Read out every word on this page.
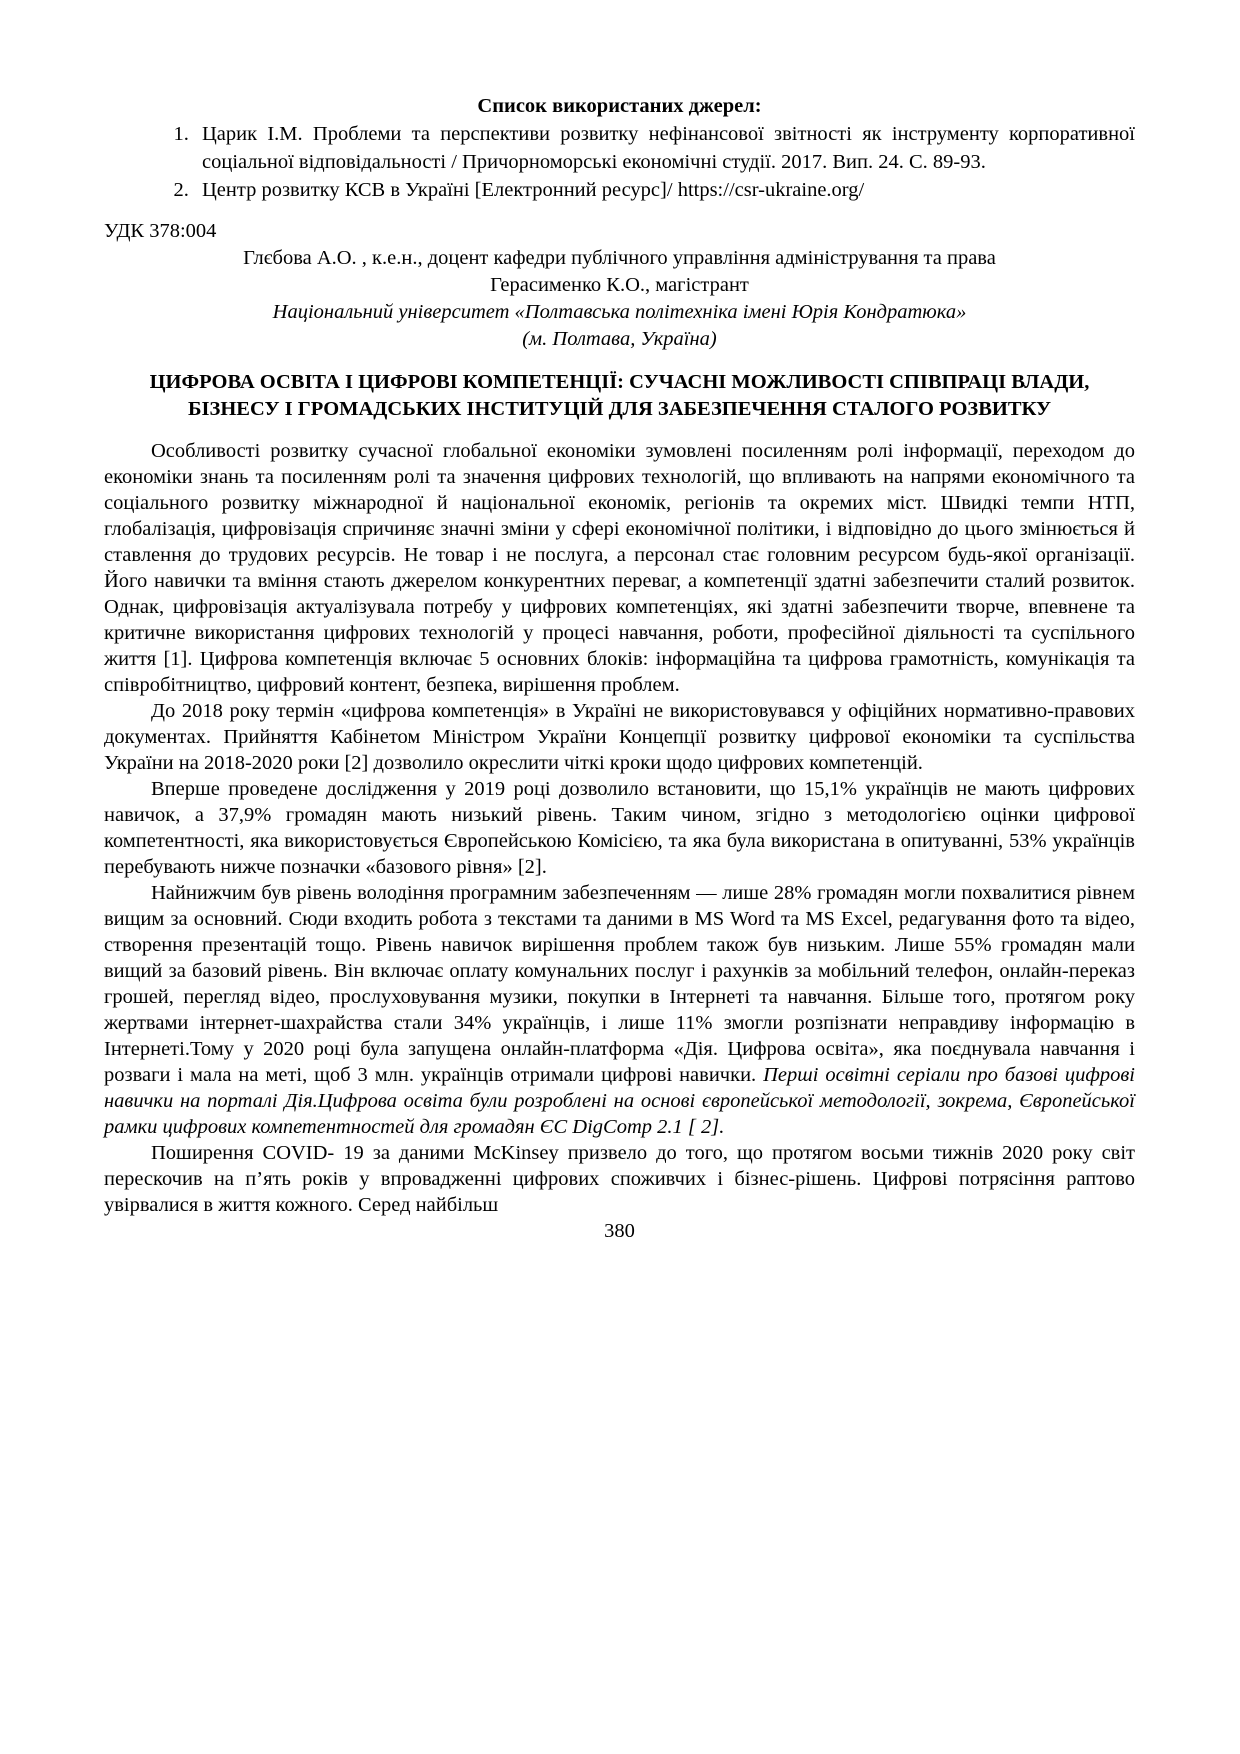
Список використаних джерел:
1. Царик І.М. Проблеми та перспективи розвитку нефінансової звітності як інструменту корпоративної соціальної відповідальності / Причорноморські економічні студії. 2017. Вип. 24. С. 89-93.
2. Центр розвитку КСВ в Україні [Електронний ресурс]/ https://csr-ukraine.org/
УДК 378:004
Глєбова А.О. , к.е.н., доцент кафедри публічного управління адміністрування та права
Герасименко К.О., магістрант
Національний університет «Полтавська політехніка імені Юрія Кондратюка»
(м. Полтава, Україна)
ЦИФРОВА ОСВІТА І ЦИФРОВІ КОМПЕТЕНЦІЇ: СУЧАСНІ МОЖЛИВОСТІ СПІВПРАЦІ ВЛАДИ, БІЗНЕСУ І ГРОМАДСЬКИХ ІНСТИТУЦІЙ ДЛЯ ЗАБЕЗПЕЧЕННЯ СТАЛОГО РОЗВИТКУ

Особливості розвитку сучасної глобальної економіки зумовлені посиленням ролі інформації, переходом до економіки знань та посиленням ролі та значення цифрових технологій, що впливають на напрями економічного та соціального розвитку міжнародної й національної економік, регіонів та окремих міст. Швидкі темпи НТП, глобалізація, цифровізація спричиняє значні зміни у сфері економічної політики, і відповідно до цього змінюється й ставлення до трудових ресурсів. Не товар і не послуга, а персонал стає головним ресурсом будь-якої організації. Його навички та вміння стають джерелом конкурентних переваг, а компетенції здатні забезпечити сталий розвиток. Однак, цифровізація актуалізувала потребу у цифрових компетенціях, які здатні забезпечити творче, впевнене та критичне використання цифрових технологій у процесі навчання, роботи, професійної діяльності та суспільного життя [1]. Цифрова компетенція включає 5 основних блоків: інформаційна та цифрова грамотність, комунікація та співробітництво, цифровий контент, безпека, вирішення проблем.

До 2018 року термін «цифрова компетенція» в Україні не використовувався у офіційних нормативно-правових документах. Прийняття Кабінетом Міністром України Концепції розвитку цифрової економіки та суспільства України на 2018-2020 роки [2] дозволило окреслити чіткі кроки щодо цифрових компетенцій.

Вперше проведене дослідження у 2019 році дозволило встановити, що 15,1% українців не мають цифрових навичок, а 37,9% громадян мають низький рівень. Таким чином, згідно з методологією оцінки цифрової компетентності, яка використовується Європейською Комісією, та яка була використана в опитуванні, 53% українців перебувають нижче позначки «базового рівня» [2].

Найнижчим був рівень володіння програмним забезпеченням — лише 28% громадян могли похвалитися рівнем вищим за основний. Сюди входить робота з текстами та даними в MS Word та MS Excel, редагування фото та відео, створення презентацій тощо. Рівень навичок вирішення проблем також був низьким. Лише 55% громадян мали вищий за базовий рівень. Він включає оплату комунальних послуг і рахунків за мобільний телефон, онлайн-переказ грошей, перегляд відео, прослуховування музики, покупки в Інтернеті та навчання. Більше того, протягом року жертвами інтернет-шахрайства стали 34% українців, і лише 11% змогли розпізнати неправдиву інформацію в Інтернеті.Тому у 2020 році була запущена онлайн-платформа «Дія. Цифрова освіта», яка поєднувала навчання і розваги і мала на меті, щоб 3 млн. українців отримали цифрові навички. Перші освітні серіали про базові цифрові навички на порталі Дія.Цифрова освіта були розроблені на основі європейської методології, зокрема, Європейської рамки цифрових компетентностей для громадян ЄС DigComp 2.1 [ 2].

Поширення COVID- 19 за даними McKinsey призвело до того, що протягом восьми тижнів 2020 року світ перескочив на п’ять років у впровадженні цифрових споживчих і бізнес-рішень. Цифрові потрясіння раптово увірвалися в життя кожного. Серед найбільш

380
